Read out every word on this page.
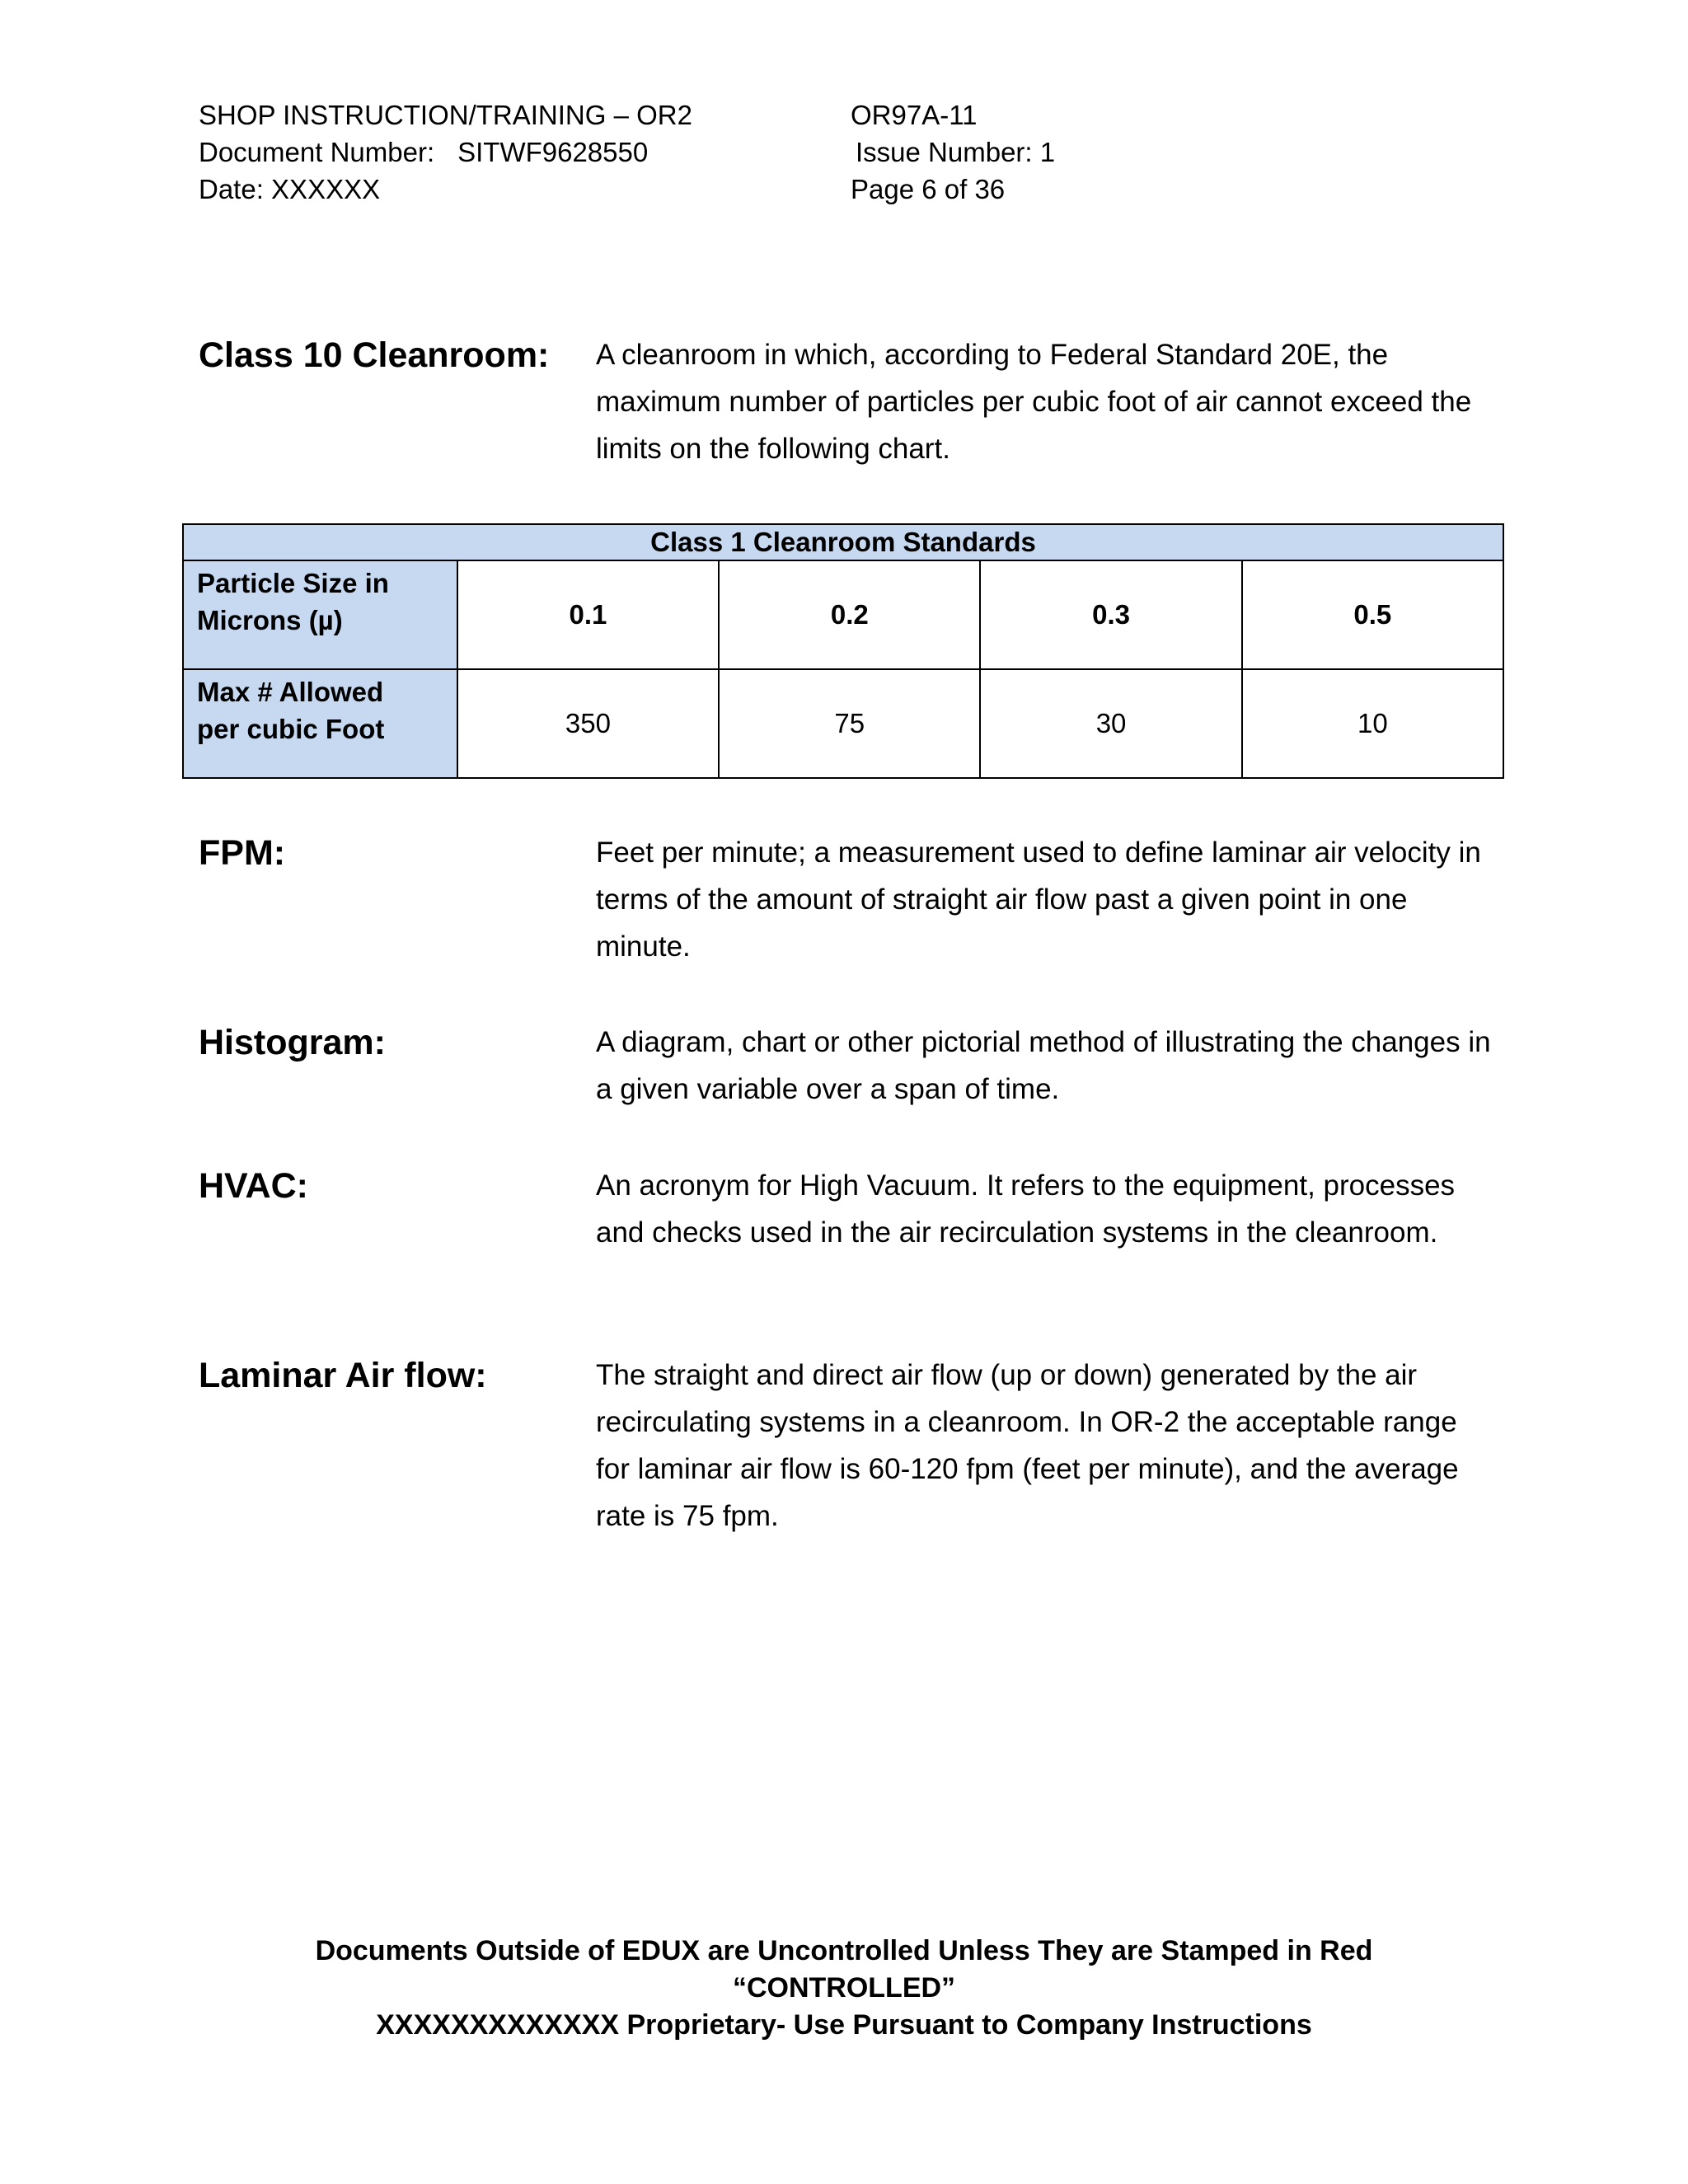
SHOP INSTRUCTION/TRAINING – OR2
Document Number: SITWF9628550
Date: XXXXXX
OR97A-11
Issue Number: 1
Page 6 of 36
Class 10 Cleanroom: A cleanroom in which, according to Federal Standard 20E, the maximum number of particles per cubic foot of air cannot exceed the limits on the following chart.
Class 1 Cleanroom Standards				

Particle Size in
Microns (µ)	0.1	0.2	0.3	0.5

Max # Allowed
per cubic Foot	350	75	30	10
FPM:	Feet per minute; a measurement used to define laminar air velocity in terms of the amount of straight air flow past a given point in one minute.
Histogram:	A diagram, chart or other pictorial method of illustrating the changes in a given variable over a span of time.
HVAC:	An acronym for High Vacuum. It refers to the equipment, processes and checks used in the air recirculation systems in the cleanroom.
Laminar Air flow:	The straight and direct air flow (up or down) generated by the air recirculating systems in a cleanroom. In OR-2 the acceptable range for laminar air flow is 60-120 fpm (feet per minute), and the average rate is 75 fpm.
Documents Outside of EDUX are Uncontrolled Unless They are Stamped in Red
“CONTROLLED”
XXXXXXXXXXXXX Proprietary- Use Pursuant to Company Instructions
